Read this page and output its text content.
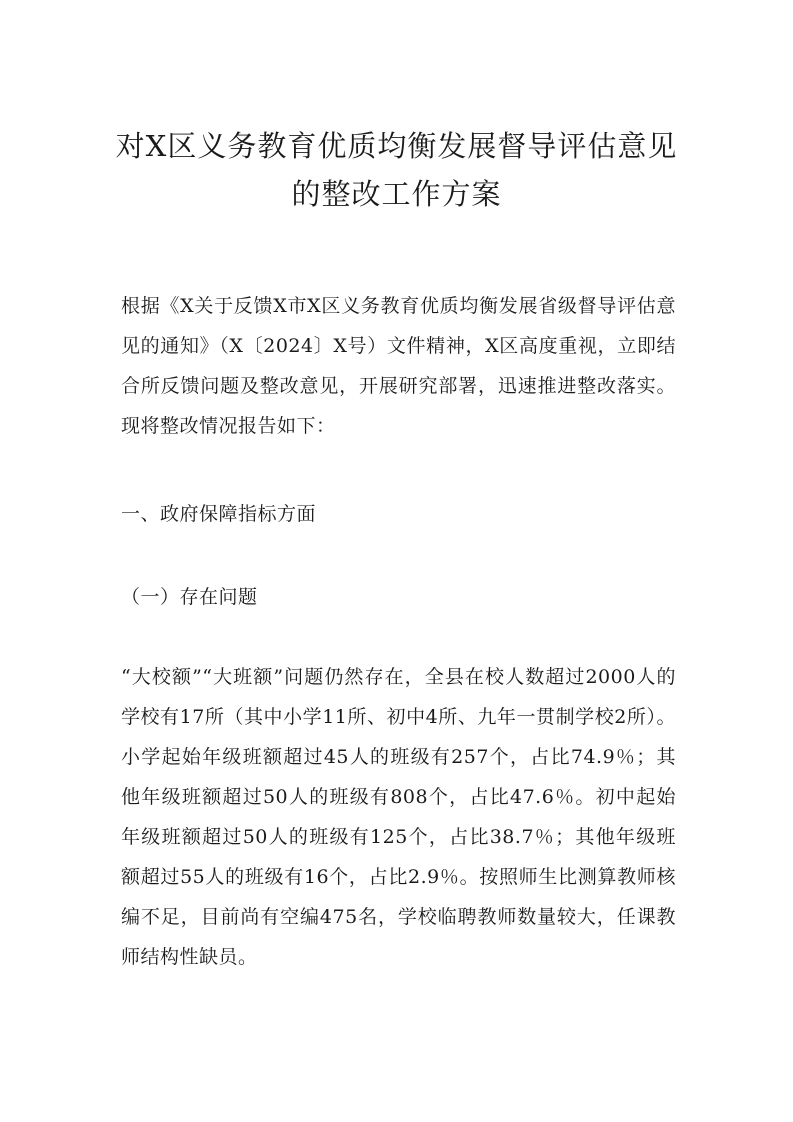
对X区义务教育优质均衡发展督导评估意见
的整改工作方案

根据《X关于反馈X市X区义务教育优质均衡发展省级督导评估意见的通知》（X〔2024〕X号）文件精神，X区高度重视，立即结合所反馈问题及整改意见，开展研究部署，迅速推进整改落实。现将整改情况报告如下：

一、政府保障指标方面

（一）存在问题

“大校额”“大班额”问题仍然存在，全县在校人数超过2000人的学校有17所（其中小学11所、初中4所、九年一贯制学校2所）。小学起始年级班额超过45人的班级有257个，占比74.9％；其他年级班额超过50人的班级有808个，占比47.6％。初中起始年级班额超过50人的班级有125个，占比38.7％；其他年级班额超过55人的班级有16个，占比2.9％。按照师生比测算教师核编不足，目前尚有空编475名，学校临聘教师数量较大，任课教师结构性缺员。
